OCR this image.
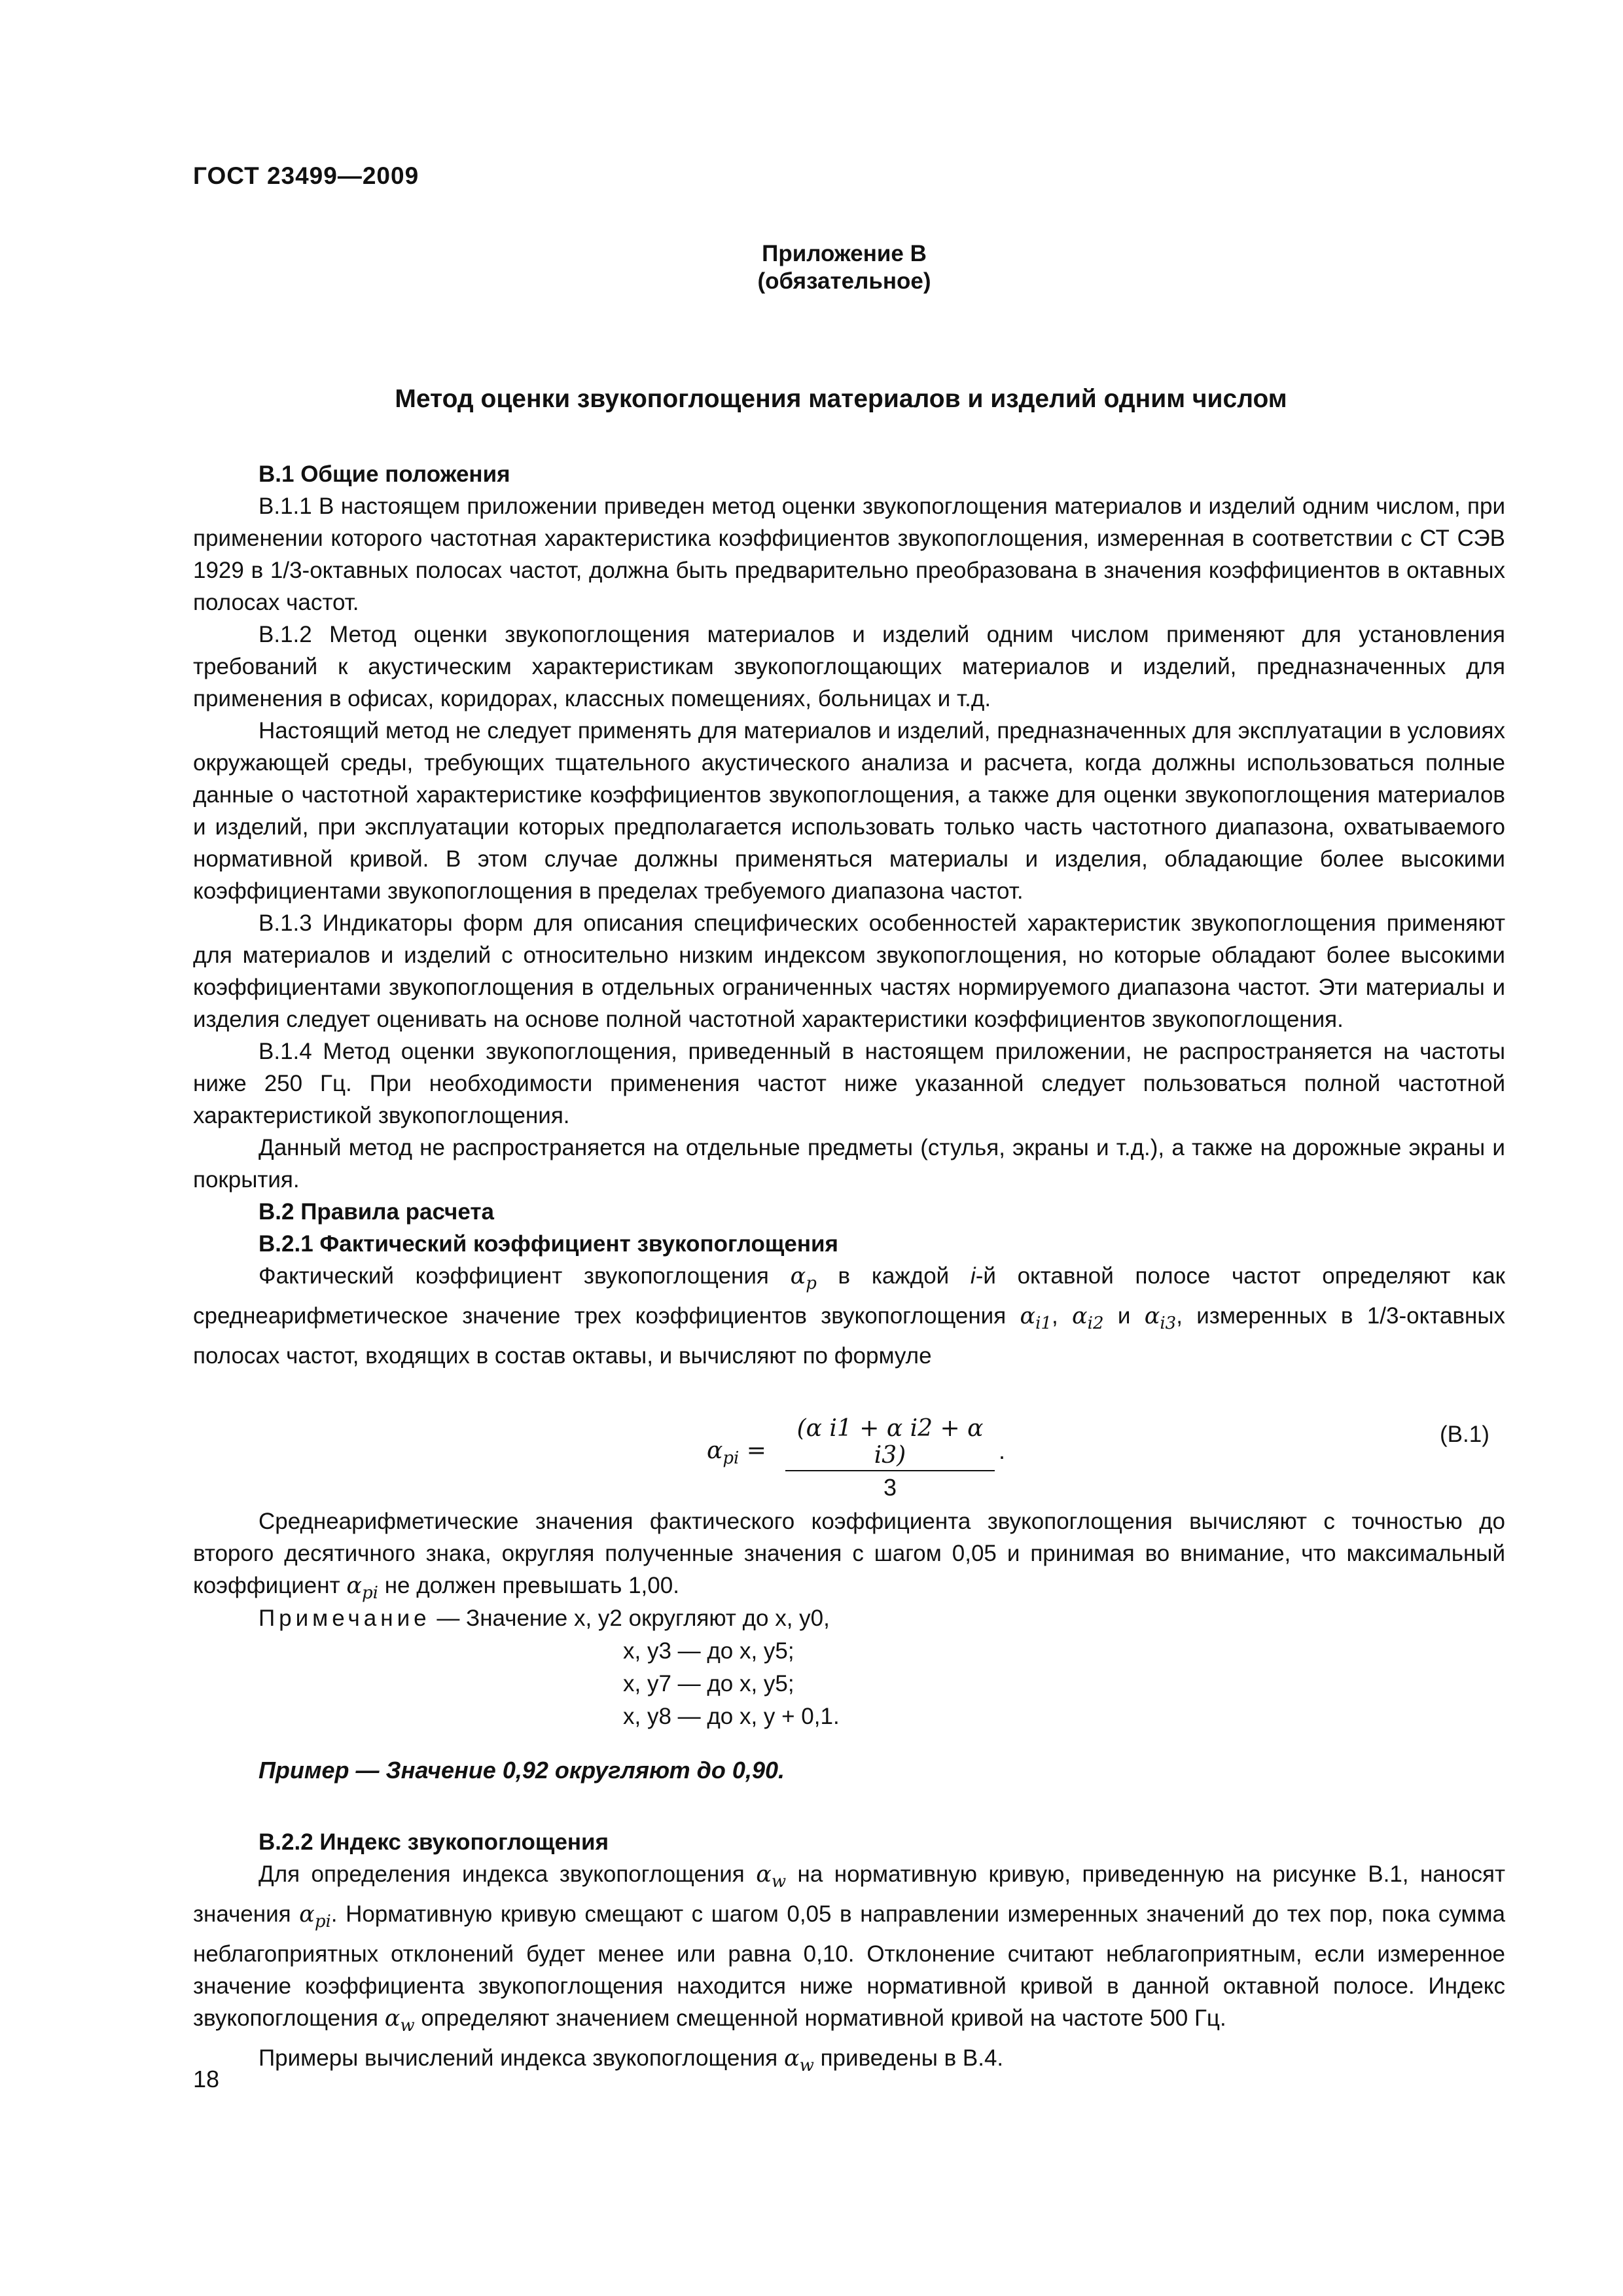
ГОСТ 23499—2009
Приложение В
(обязательное)
Метод оценки звукопоглощения материалов и изделий одним числом

В.1 Общие положения

В.1.1 В настоящем приложении приведен метод оценки звукопоглощения материалов и изделий одним числом, при применении которого частотная характеристика коэффициентов звукопоглощения, измеренная в соответствии с СТ СЭВ 1929 в 1/3-октавных полосах частот, должна быть предварительно преобразована в значения коэффициентов в октавных полосах частот.

В.1.2 Метод оценки звукопоглощения материалов и изделий одним числом применяют для установления требований к акустическим характеристикам звукопоглощающих материалов и изделий, предназначенных для применения в офисах, коридорах, классных помещениях, больницах и т.д.

Настоящий метод не следует применять для материалов и изделий, предназначенных для эксплуатации в условиях окружающей среды, требующих тщательного акустического анализа и расчета, когда должны использоваться полные данные о частотной характеристике коэффициентов звукопоглощения, а также для оценки звукопоглощения материалов и изделий, при эксплуатации которых предполагается использовать только часть частотного диапазона, охватываемого нормативной кривой. В этом случае должны применяться материалы и изделия, обладающие более высокими коэффициентами звукопоглощения в пределах требуемого диапазона частот.

В.1.3 Индикаторы форм для описания специфических особенностей характеристик звукопоглощения применяют для материалов и изделий с относительно низким индексом звукопоглощения, но которые обладают более высокими коэффициентами звукопоглощения в отдельных ограниченных частях нормируемого диапазона частот. Эти материалы и изделия следует оценивать на основе полной частотной характеристики коэффициентов звукопоглощения.

В.1.4 Метод оценки звукопоглощения, приведенный в настоящем приложении, не распространяется на частоты ниже 250 Гц. При необходимости применения частот ниже указанной следует пользоваться полной частотной характеристикой звукопоглощения.

Данный метод не распространяется на отдельные предметы (стулья, экраны и т.д.), а также на дорожные экраны и покрытия.

В.2 Правила расчета

В.2.1 Фактический коэффициент звукопоглощения

Фактический коэффициент звукопоглощения $\alpha_p$ в каждой i-й октавной полосе частот определяют как среднеарифметическое значение трех коэффициентов звукопоглощения $\alpha_{i1}$, $\alpha_{i2}$ и $\alpha_{i3}$, измеренных в 1/3-октавных полосах частот, входящих в состав октавы, и вычисляют по формуле

$\alpha_{pi} = \frac{\text{(α i1 + α i2 + α i3)}}{3}$ .
(В.1)

Среднеарифметические значения фактического коэффициента звукопоглощения вычисляют с точностью до второго десятичного знака, округляя полученные значения с шагом 0,05 и принимая во внимание, что максимальный коэффициент $\alpha_{pi}$ не должен превышать 1,00.

Примечание — Значение x, y2 округляют до x, y0,
x, y3 — до x, y5;
x, y7 — до x, y5;
x, y8 — до x, y + 0,1.
Пример — Значение 0,92 округляют до 0,90.

В.2.2 Индекс звукопоглощения

Для определения индекса звукопоглощения $\alpha_w$ на нормативную кривую, приведенную на рисунке В.1, наносят значения $\alpha_{pi}$. Нормативную кривую смещают с шагом 0,05 в направлении измеренных значений до тех пор, пока сумма неблагоприятных отклонений будет менее или равна 0,10. Отклонение считают неблагоприятным, если измеренное значение коэффициента звукопоглощения находится ниже нормативной кривой в данной октавной полосе. Индекс звукопоглощения $\alpha_w$ определяют значением смещенной нормативной кривой на частоте 500 Гц.

Примеры вычислений индекса звукопоглощения $\alpha_w$ приведены в В.4.

18
